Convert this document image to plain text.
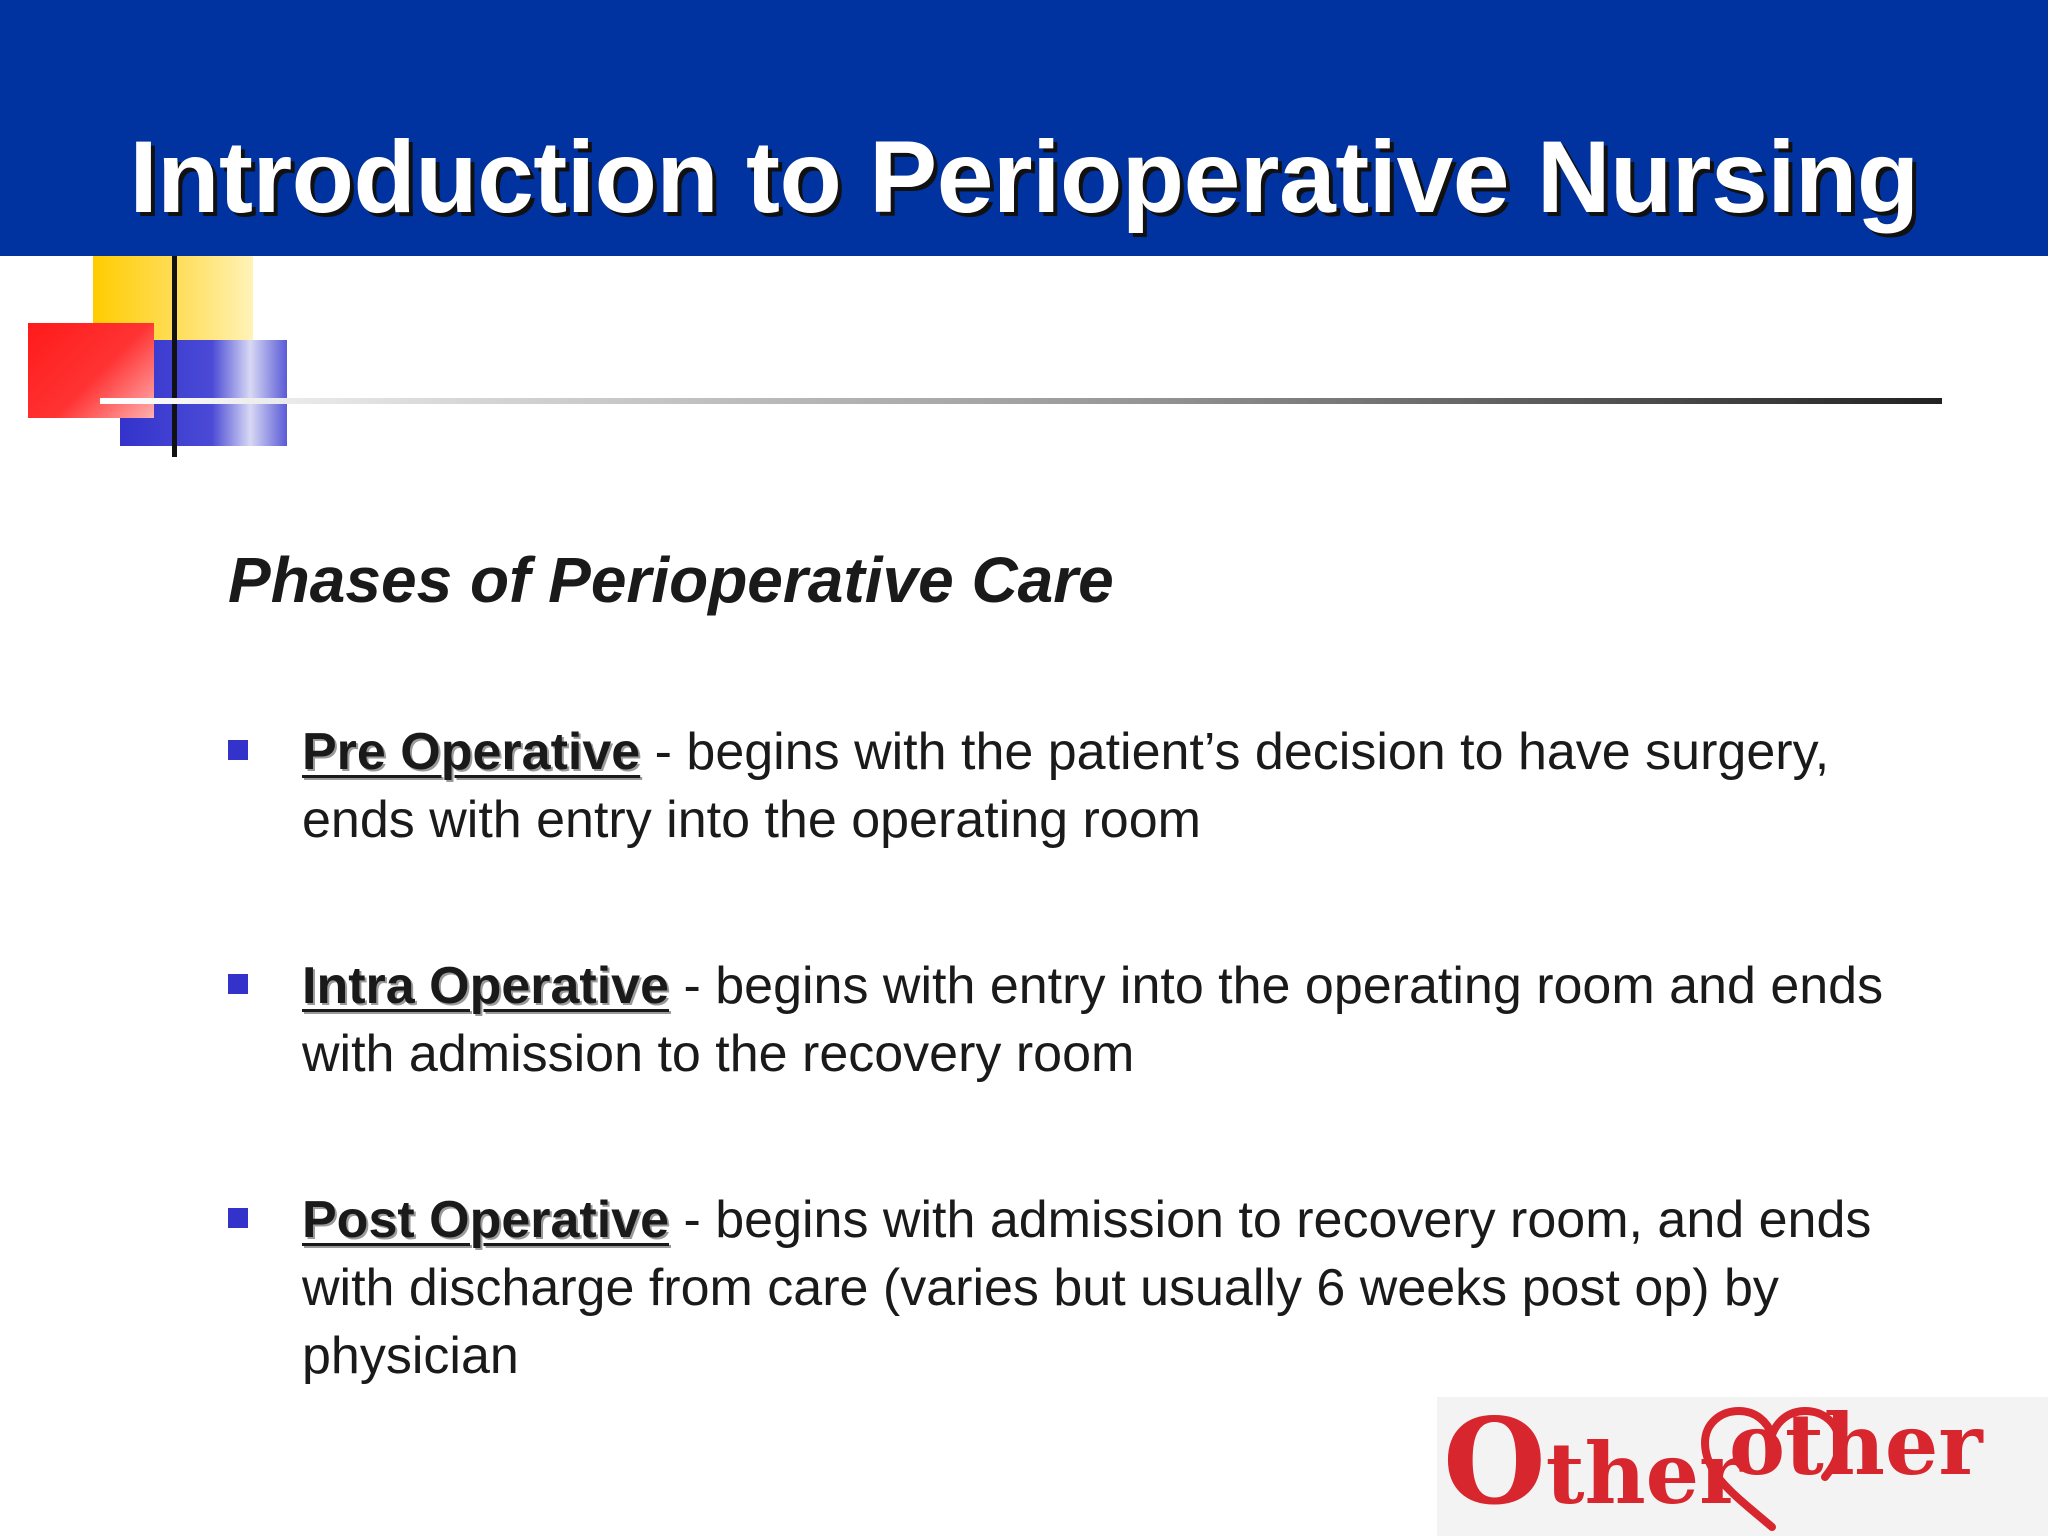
Introduction to Perioperative Nursing
Phases of Perioperative Care
Pre Operative - begins with the patient’s decision to have surgery, ends with entry into the operating room
Intra Operative - begins with entry into the operating room and ends with admission to the recovery room
Post Operative - begins with admission to recovery room, and ends with discharge from care (varies but usually 6 weeks post op) by physician
Other
other
